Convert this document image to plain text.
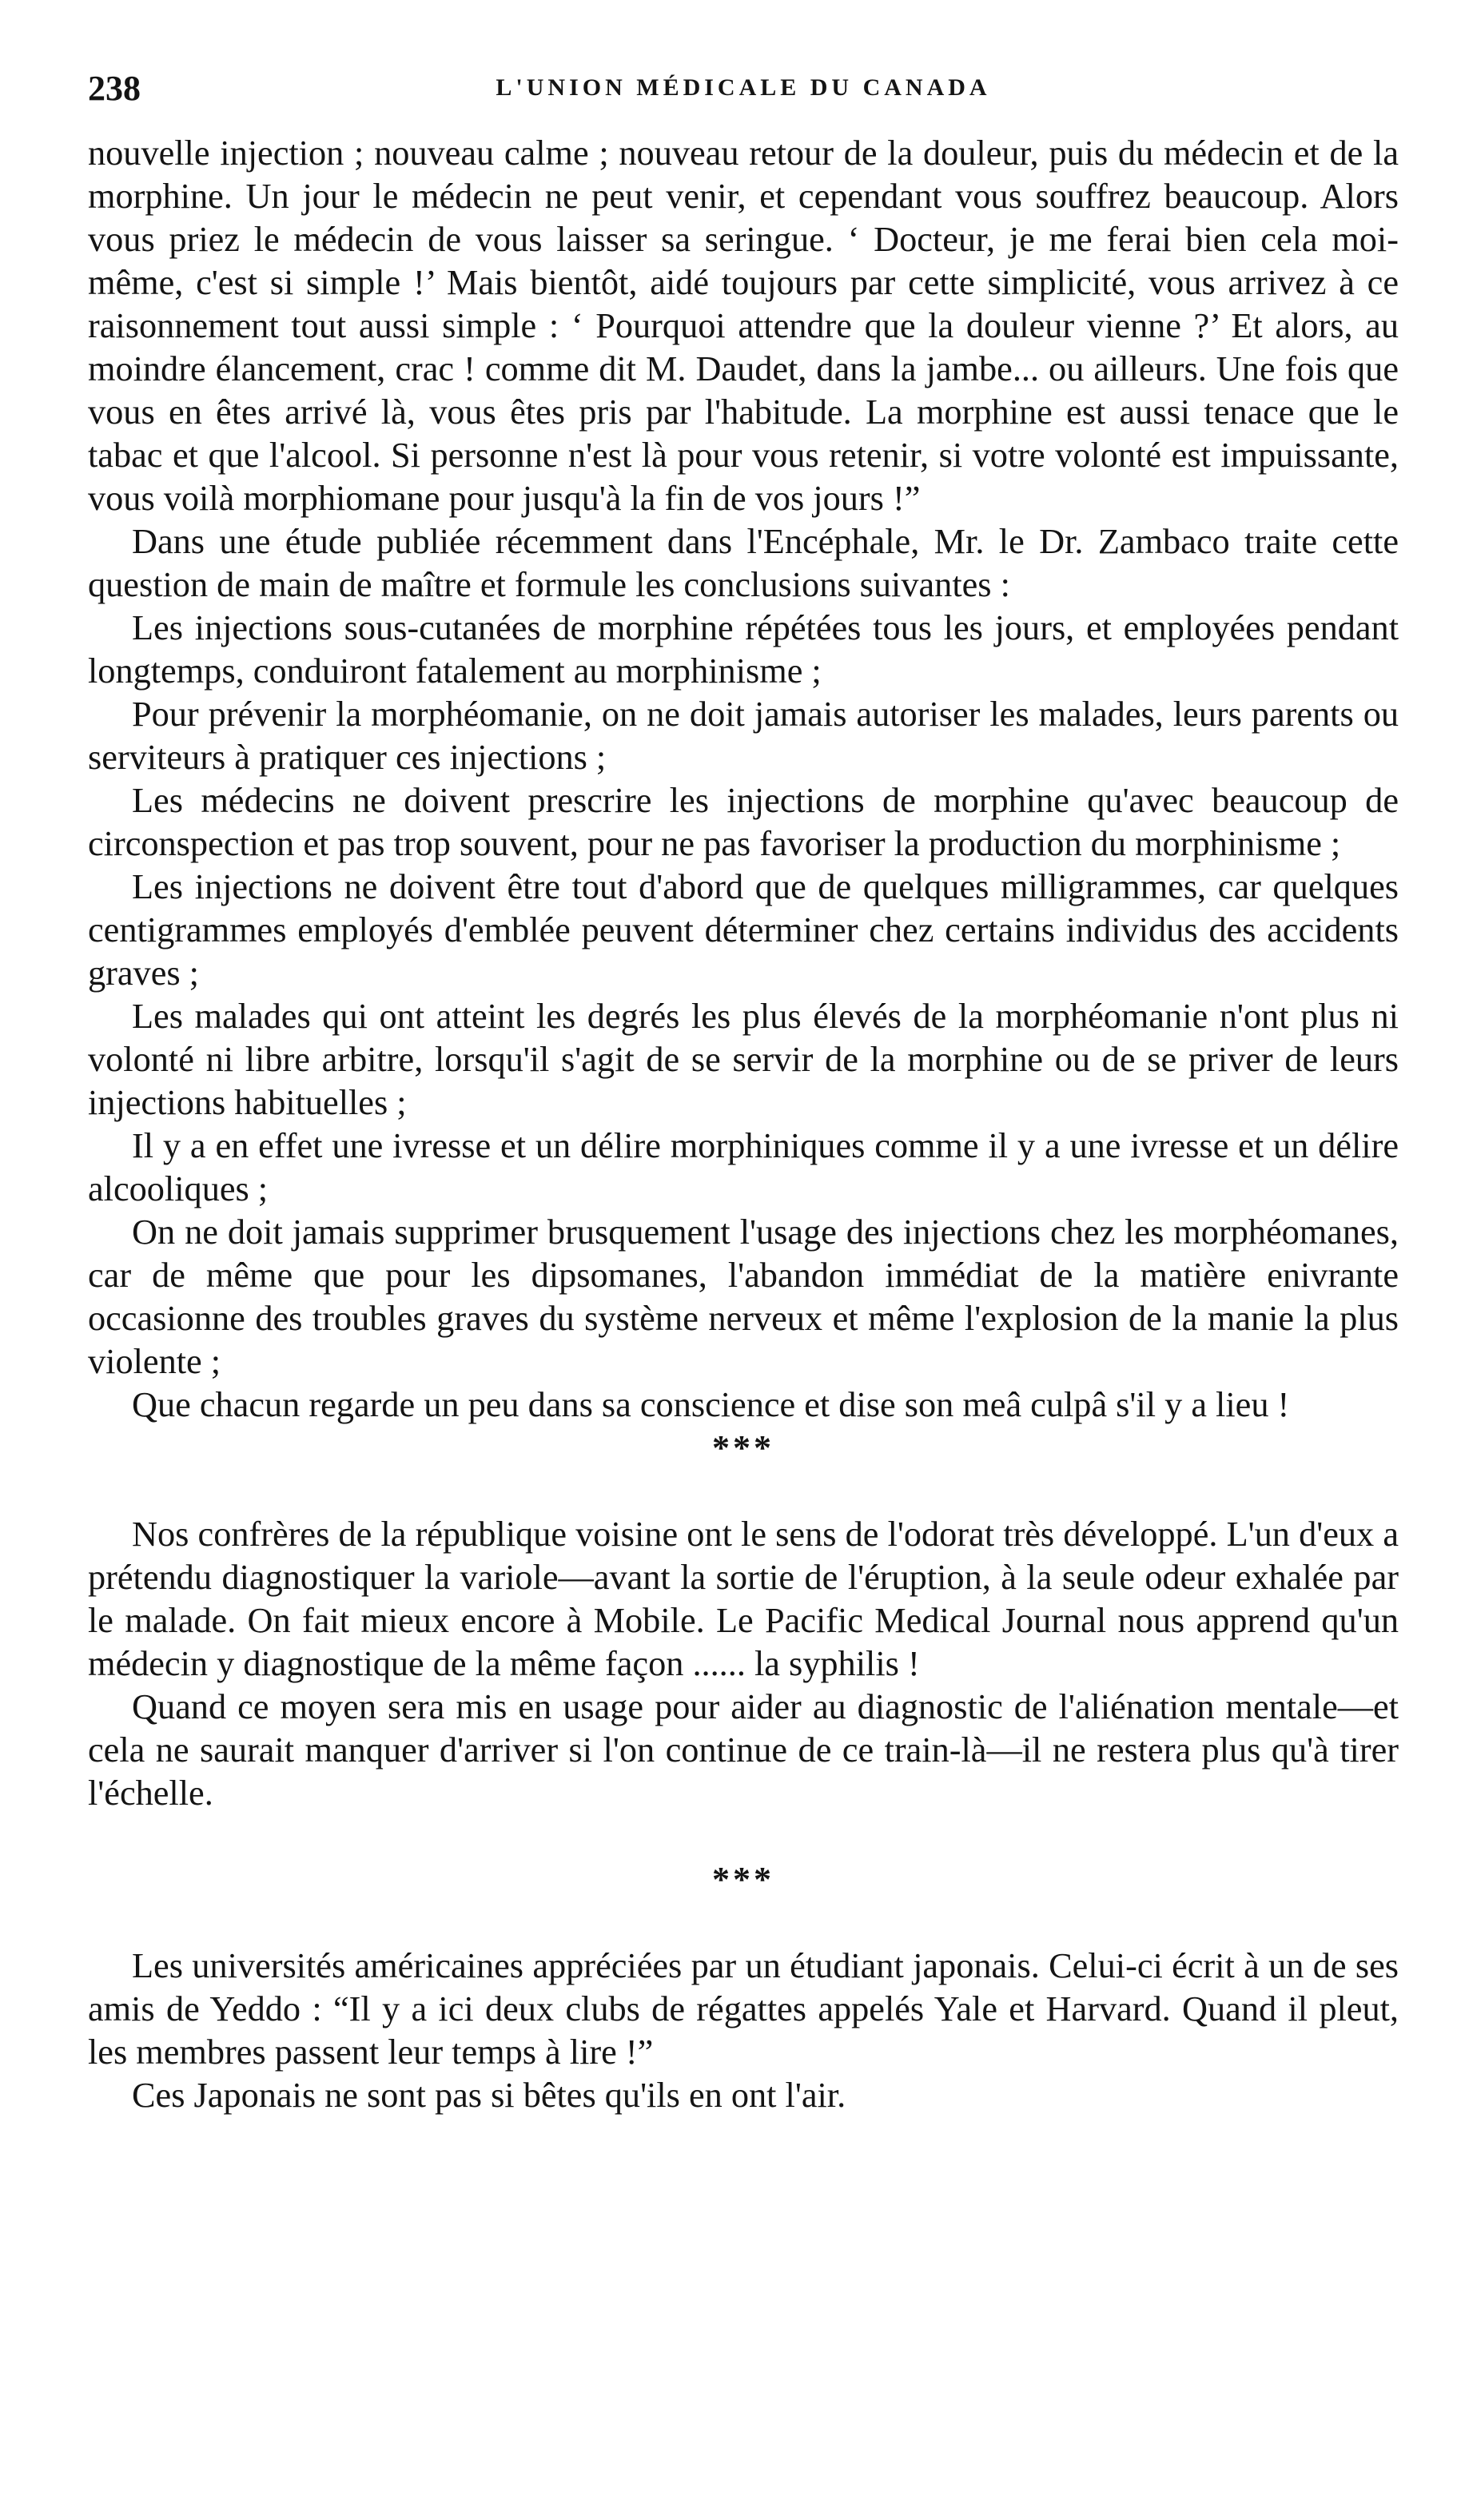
238	L'UNION MÉDICALE DU CANADA

nouvelle injection ; nouveau calme ; nouveau retour de la douleur, puis du médecin et de la morphine. Un jour le médecin ne peut venir, et cependant vous souffrez beaucoup. Alors vous priez le médecin de vous laisser sa seringue. ‘ Docteur, je me ferai bien cela moi-même, c'est si simple !’ Mais bientôt, aidé toujours par cette simplicité, vous arrivez à ce raisonnement tout aussi simple : ‘ Pourquoi attendre que la douleur vienne ?’ Et alors, au moindre élancement, crac ! comme dit M. Daudet, dans la jambe... ou ailleurs. Une fois que vous en êtes arrivé là, vous êtes pris par l'habitude. La morphine est aussi tenace que le tabac et que l'alcool. Si personne n'est là pour vous retenir, si votre volonté est impuissante, vous voilà morphiomane pour jusqu'à la fin de vos jours !”

Dans une étude publiée récemment dans l'Encéphale, Mr. le Dr. Zambaco traite cette question de main de maître et formule les conclusions suivantes :

Les injections sous-cutanées de morphine répétées tous les jours, et employées pendant longtemps, conduiront fatalement au morphinisme ;

Pour prévenir la morphéomanie, on ne doit jamais autoriser les malades, leurs parents ou serviteurs à pratiquer ces injections ;

Les médecins ne doivent prescrire les injections de morphine qu'avec beaucoup de circonspection et pas trop souvent, pour ne pas favoriser la production du morphinisme ;

Les injections ne doivent être tout d'abord que de quelques milligrammes, car quelques centigrammes employés d'emblée peuvent déterminer chez certains individus des accidents graves ;

Les malades qui ont atteint les degrés les plus élevés de la morphéomanie n'ont plus ni volonté ni libre arbitre, lorsqu'il s'agit de se servir de la morphine ou de se priver de leurs injections habituelles ;

Il y a en effet une ivresse et un délire morphiniques comme il y a une ivresse et un délire alcooliques ;

On ne doit jamais supprimer brusquement l'usage des injections chez les morphéomanes, car de même que pour les dipsomanes, l'abandon immédiat de la matière enivrante occasionne des troubles graves du système nerveux et même l'explosion de la manie la plus violente ;

Que chacun regarde un peu dans sa conscience et dise son meâ culpâ s'il y a lieu !

***

Nos confrères de la république voisine ont le sens de l'odorat très développé. L'un d'eux a prétendu diagnostiquer la variole—avant la sortie de l'éruption, à la seule odeur exhalée par le malade. On fait mieux encore à Mobile. Le Pacific Medical Journal nous apprend qu'un médecin y diagnostique de la même façon ...... la syphilis !

Quand ce moyen sera mis en usage pour aider au diagnostic de l'aliénation mentale—et cela ne saurait manquer d'arriver si l'on continue de ce train-là—il ne restera plus qu'à tirer l'échelle.

***

Les universités américaines appréciées par un étudiant japonais. Celui-ci écrit à un de ses amis de Yeddo : “Il y a ici deux clubs de régattes appelés Yale et Harvard. Quand il pleut, les membres passent leur temps à lire !”

Ces Japonais ne sont pas si bêtes qu'ils en ont l'air.
